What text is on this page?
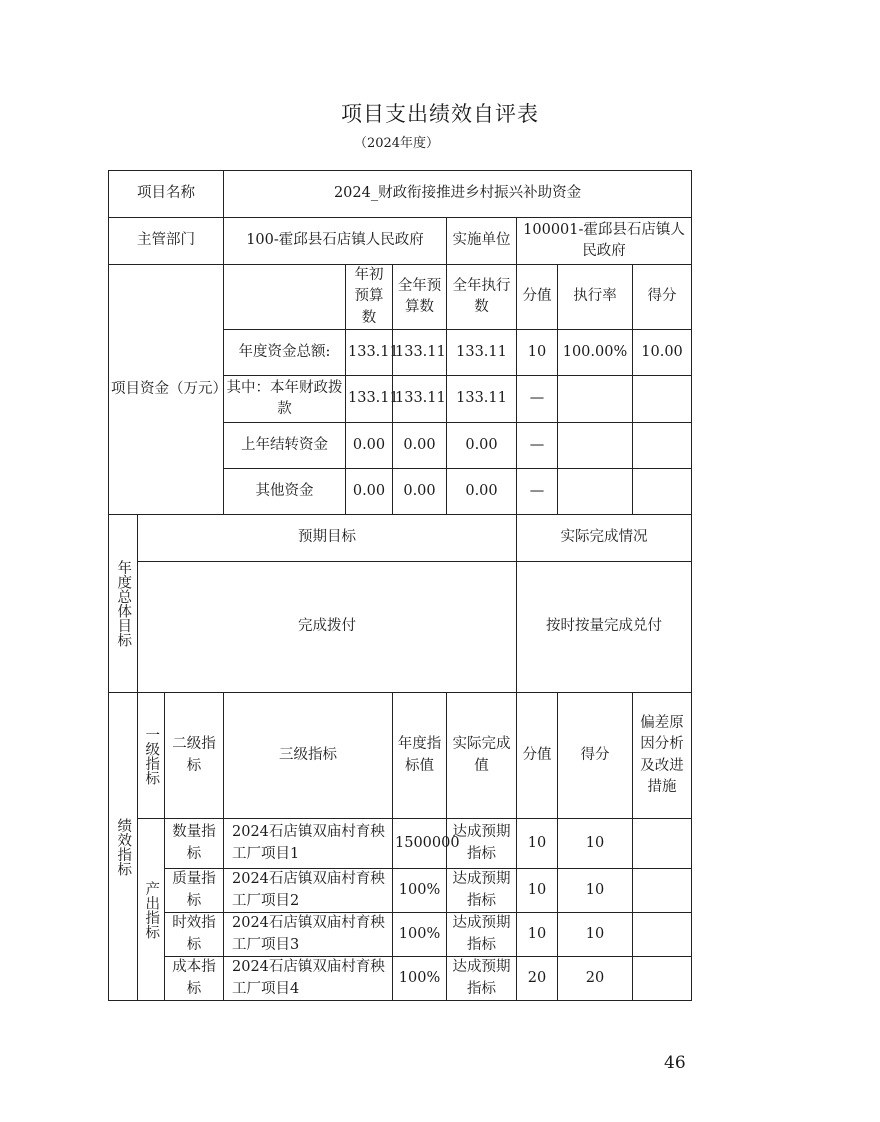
项目支出绩效自评表
（2024年度）
项目名称			2024_财政衔接推进乡村振兴补助资金						
主管部门			100-霍邱县石店镇人民政府			实施单位	100001-霍邱县石店镇人民政府		
项目资金（万元）				年初预算数	全年预算数	全年执行数	分值	执行率	得分
			年度资金总额:	133.11	133.11	133.11	10	100.00%	10.00
			其中：本年财政拨款	133.11	133.11	133.11	—		
			上年结转资金	0.00	0.00	0.00	—		
			其他资金	0.00	0.00	0.00	—		
年度总体目标	预期目标						实际完成情况		
	完成拨付						按时按量完成兑付		
绩效指标	一级指标	二级指标	三级指标		年度指标值	实际完成值	分值	得分	偏差原因分析及改进措施
	产出指标	数量指标	2024石店镇双庙村育秧工厂项目1		1500000	达成预期指标	10	10	
		质量指标	2024石店镇双庙村育秧工厂项目2		100%	达成预期指标	10	10	
		时效指标	2024石店镇双庙村育秧工厂项目3		100%	达成预期指标	10	10	
		成本指标	2024石店镇双庙村育秧工厂项目4		100%	达成预期指标	20	20	
46
